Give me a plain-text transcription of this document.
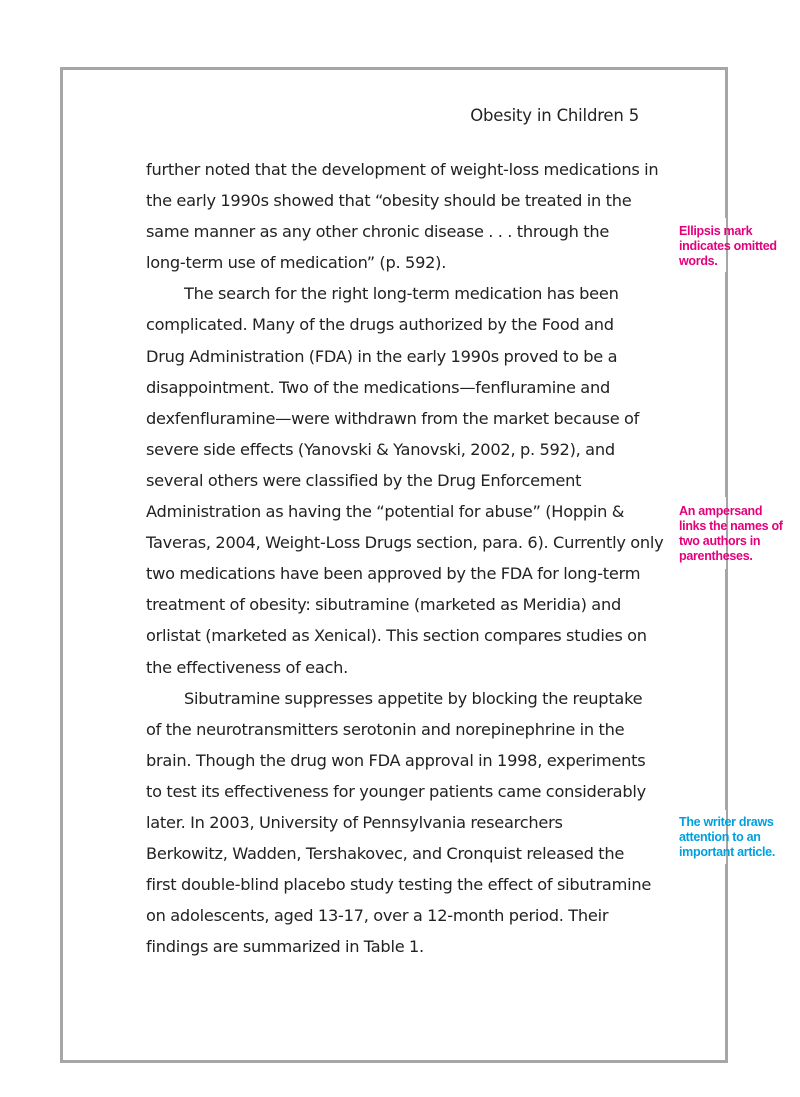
Obesity in Children 5

further noted that the development of weight-loss medications in
the early 1990s showed that “obesity should be treated in the
same manner as any other chronic disease . . . through the
long-term use of medication” (p. 592).

The search for the right long-term medication has been
complicated. Many of the drugs authorized by the Food and
Drug Administration (FDA) in the early 1990s proved to be a
disappointment. Two of the medications—fenfluramine and
dexfenfluramine—were withdrawn from the market because of
severe side effects (Yanovski & Yanovski, 2002, p. 592), and
several others were classified by the Drug Enforcement
Administration as having the “potential for abuse” (Hoppin &
Taveras, 2004, Weight-Loss Drugs section, para. 6). Currently only
two medications have been approved by the FDA for long-term
treatment of obesity: sibutramine (marketed as Meridia) and
orlistat (marketed as Xenical). This section compares studies on
the effectiveness of each.

Sibutramine suppresses appetite by blocking the reuptake
of the neurotransmitters serotonin and norepinephrine in the
brain. Though the drug won FDA approval in 1998, experiments
to test its effectiveness for younger patients came considerably
later. In 2003, University of Pennsylvania researchers
Berkowitz, Wadden, Tershakovec, and Cronquist released the
first double-blind placebo study testing the effect of sibutramine
on adolescents, aged 13-17, over a 12-month period. Their
findings are summarized in Table 1.

Ellipsis mark
indicates omitted
words.
An ampersand
links the names of
two authors in
parentheses.
The writer draws
attention to an
important article.
